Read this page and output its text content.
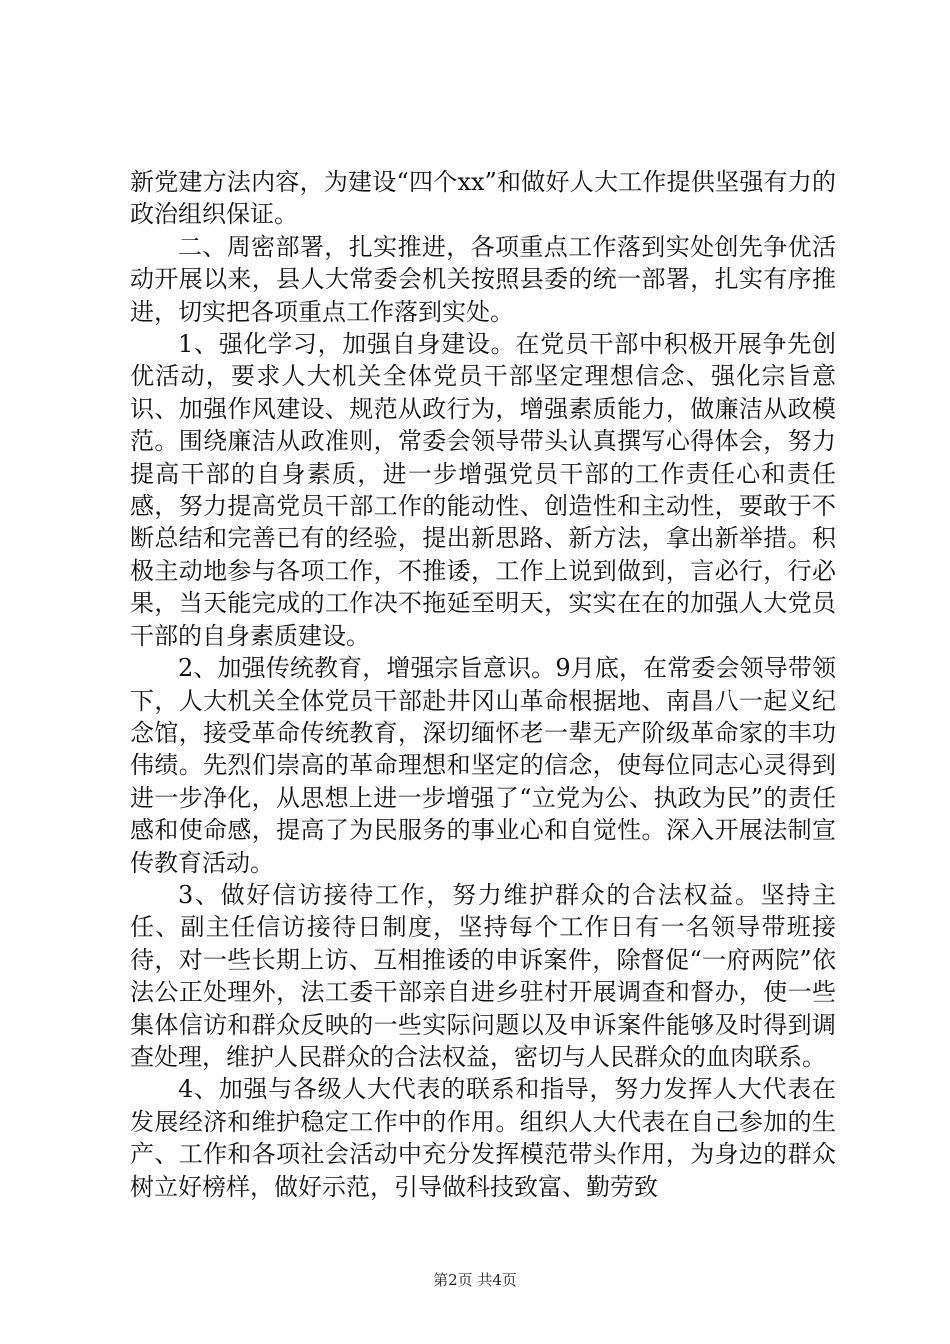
新党建方法内容，为建设“四个xx”和做好人大工作提供坚强有力的政治组织保证。

二、周密部署，扎实推进，各项重点工作落到实处创先争优活动开展以来，县人大常委会机关按照县委的统一部署，扎实有序推进，切实把各项重点工作落到实处。

1、强化学习，加强自身建设。在党员干部中积极开展争先创优活动，要求人大机关全体党员干部坚定理想信念、强化宗旨意识、加强作风建设、规范从政行为，增强素质能力，做廉洁从政模范。围绕廉洁从政准则，常委会领导带头认真撰写心得体会，努力提高干部的自身素质，进一步增强党员干部的工作责任心和责任感，努力提高党员干部工作的能动性、创造性和主动性，要敢于不断总结和完善已有的经验，提出新思路、新方法，拿出新举措。积极主动地参与各项工作，不推诿，工作上说到做到，言必行，行必果，当天能完成的工作决不拖延至明天，实实在在的加强人大党员干部的自身素质建设。

2、加强传统教育，增强宗旨意识。9月底，在常委会领导带领下，人大机关全体党员干部赴井冈山革命根据地、南昌八一起义纪念馆，接受革命传统教育，深切缅怀老一辈无产阶级革命家的丰功伟绩。先烈们崇高的革命理想和坚定的信念，使每位同志心灵得到进一步净化，从思想上进一步增强了“立党为公、执政为民”的责任感和使命感，提高了为民服务的事业心和自觉性。深入开展法制宣传教育活动。

3、做好信访接待工作，努力维护群众的合法权益。坚持主任、副主任信访接待日制度，坚持每个工作日有一名领导带班接待，对一些长期上访、互相推诿的申诉案件，除督促“一府两院”依法公正处理外，法工委干部亲自进乡驻村开展调查和督办，使一些集体信访和群众反映的一些实际问题以及申诉案件能够及时得到调查处理，维护人民群众的合法权益，密切与人民群众的血肉联系。

4、加强与各级人大代表的联系和指导，努力发挥人大代表在发展经济和维护稳定工作中的作用。组织人大代表在自己参加的生产、工作和各项社会活动中充分发挥模范带头作用，为身边的群众树立好榜样，做好示范，引导做科技致富、勤劳致

第2页 共4页
